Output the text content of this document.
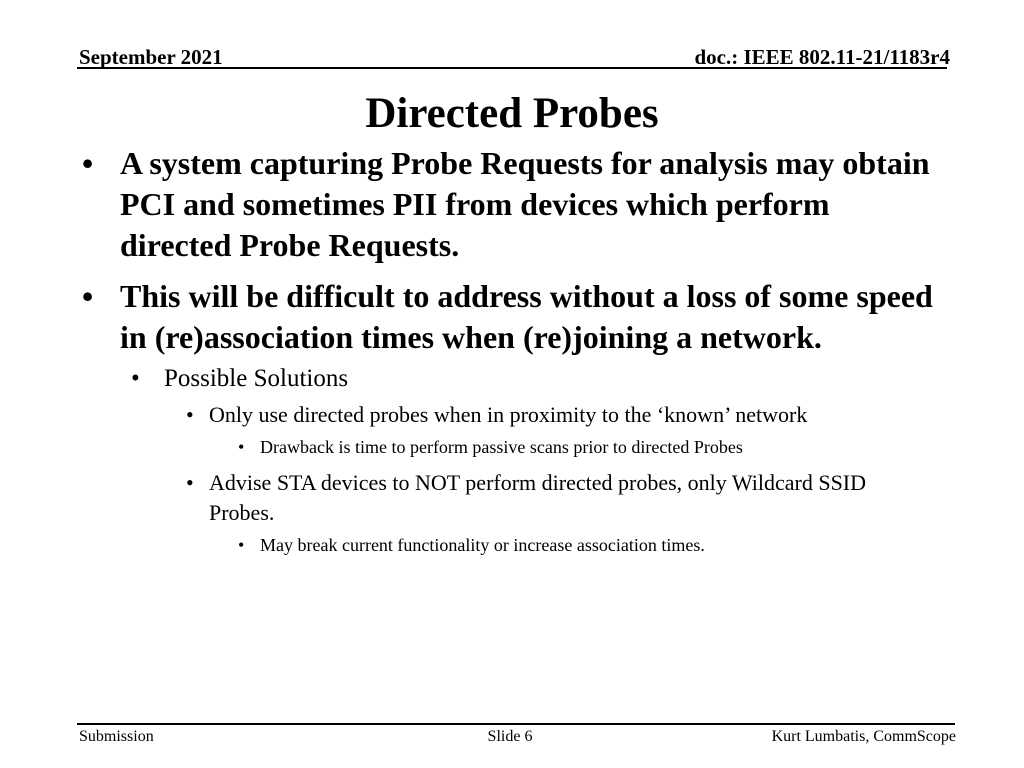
September 2021	doc.: IEEE 802.11-21/1183r4
Directed Probes
• A system capturing Probe Requests for analysis may obtain PCI and sometimes PII from devices which perform directed Probe Requests.
• This will be difficult to address without a loss of some speed in (re)association times when (re)joining a network.
• Possible Solutions
• Only use directed probes when in proximity to the ‘known’ network
• Drawback is time to perform passive scans prior to directed Probes
• Advise STA devices to NOT perform directed probes, only Wildcard SSID Probes.
• May break current functionality or increase association times.
Submission	Slide 6	Kurt Lumbatis, CommScope
